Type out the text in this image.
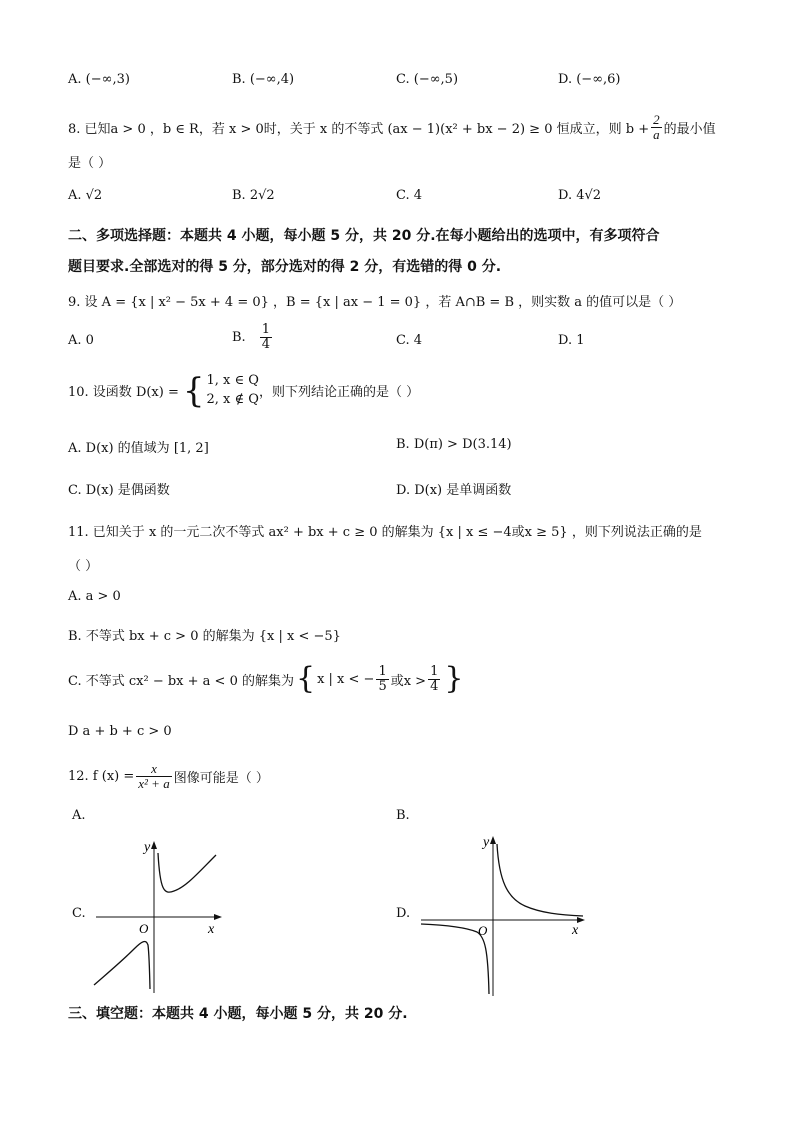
A. (−∞,3)	B. (−∞,4)	C. (−∞,5)	D. (−∞,6)
8. 已知a > 0 ，b ∈ R，若 x > 0时，关于 x 的不等式 (ax − 1)(x² + bx − 2) ≥ 0 恒成立，则 $b + \frac{2}{a}$ 的最小值
是（ ）
A. √2	B. 2√2	C. 4	D. 4√2
二、多项选择题：本题共 4 小题，每小题 5 分，共 20 分.在每小题给出的选项中，有多项符合
题目要求.全部选对的得 5 分，部分选对的得 2 分，有选错的得 0 分.
9. 设 A = {x | x² − 5x + 4 = 0} ，B = {x | ax − 1 = 0} ，若 A∩B = B ，则实数 a 的值可以是（ ）
A. 0	B. $\frac{1}{4}$	C. 4	D. 1
10. 设函数 D(x) = { 1, x ∈ Q
2, x ∉ Q ，则下列结论正确的是（ ）
A. D(x) 的值域为 [1, 2]	B. D(π) > D(3.14)
C. D(x) 是偶函数	D. D(x) 是单调函数
11. 已知关于 x 的一元二次不等式 ax² + bx + c ≥ 0 的解集为 {x | x ≤ −4或x ≥ 5} ，则下列说法正确的是
（ ）
A. a > 0
B. 不等式 bx + c > 0 的解集为 {x | x < −5}
C. 不等式 cx² − bx + a < 0 的解集为 { x | x < − $\frac{1}{5}$ 或$x > \frac{1}{4}$ }
D a + b + c > 0
12. f $(x) = \frac{x}{\text{x² + a}}$ 图像可能是（ ）
A.	B.
C.	D.
y
x
O
y
x
O
三、填空题：本题共 4 小题，每小题 5 分，共 20 分.
